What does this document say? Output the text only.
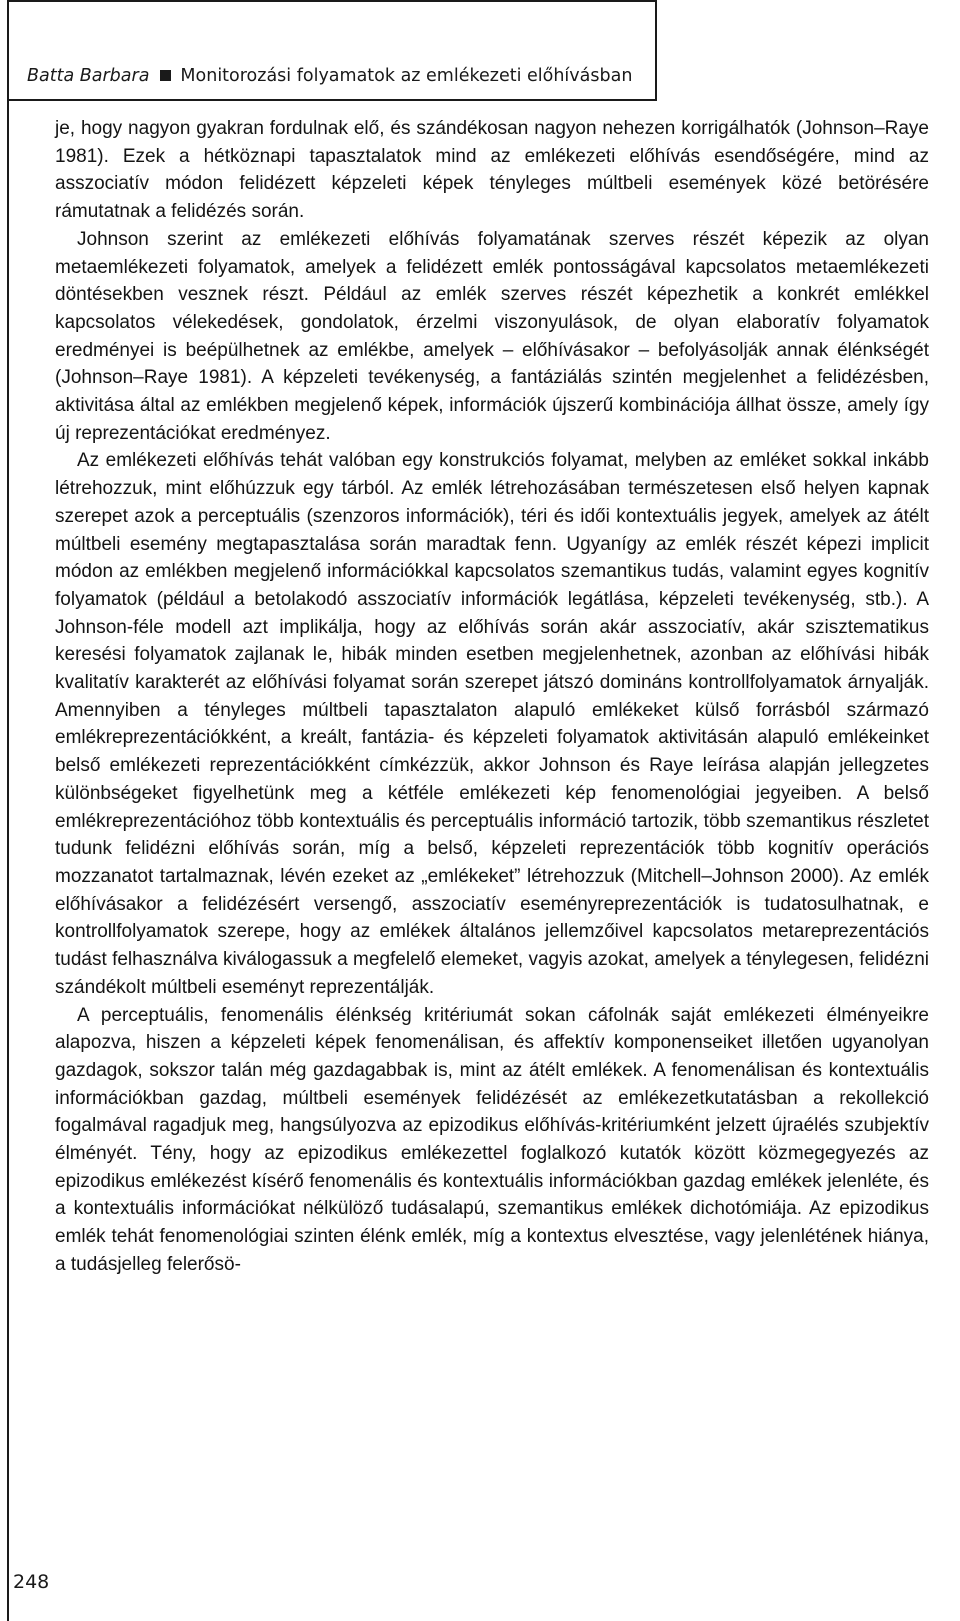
Batta Barbara Monitorozási folyamatok az emlékezeti előhívásban

je, hogy nagyon gyakran fordulnak elő, és szándékosan nagyon nehezen korrigálhatók (Johnson–Raye 1981). Ezek a hétköznapi tapasztalatok mind az emlékezeti előhívás esendőségére, mind az asszociatív módon felidézett képzeleti képek tényleges múltbeli események közé betörésére rámutatnak a felidézés során.

Johnson szerint az emlékezeti előhívás folyamatának szerves részét képezik az olyan metaemlékezeti folyamatok, amelyek a felidézett emlék pontosságával kapcsolatos metaemlékezeti döntésekben vesznek részt. Például az emlék szerves részét képezhetik a konkrét emlékkel kapcsolatos vélekedések, gondolatok, érzelmi viszonyulások, de olyan elaboratív folyamatok eredményei is beépülhetnek az emlékbe, amelyek – előhívásakor – befolyásolják annak élénkségét (Johnson–Raye 1981). A képzeleti tevékenység, a fantáziálás szintén megjelenhet a felidézésben, aktivitása által az emlékben megjelenő képek, információk újszerű kombinációja állhat össze, amely így új reprezentációkat eredményez.

Az emlékezeti előhívás tehát valóban egy konstrukciós folyamat, melyben az emléket sokkal inkább létrehozzuk, mint előhúzzuk egy tárból. Az emlék létrehozásában természetesen első helyen kapnak szerepet azok a perceptuális (szenzoros információk), téri és idői kontextuális jegyek, amelyek az átélt múltbeli esemény megtapasztalása során maradtak fenn. Ugyanígy az emlék részét képezi implicit módon az emlékben megjelenő információkkal kapcsolatos szemantikus tudás, valamint egyes kognitív folyamatok (például a betolakodó asszociatív információk legátlása, képzeleti tevékenység, stb.). A Johnson-féle modell azt implikálja, hogy az előhívás során akár asszociatív, akár szisztematikus keresési folyamatok zajlanak le, hibák minden esetben megjelenhetnek, azonban az előhívási hibák kvalitatív karakterét az előhívási folyamat során szerepet játszó domináns kontrollfolyamatok árnyalják. Amennyiben a tényleges múltbeli tapasztalaton alapuló emlékeket külső forrásból származó emlékreprezentációkként, a kreált, fantázia- és képzeleti folyamatok aktivitásán alapuló emlékeinket belső emlékezeti reprezentációkként címkézzük, akkor Johnson és Raye leírása alapján jellegzetes különbségeket figyelhetünk meg a kétféle emlékezeti kép fenomenológiai jegyeiben. A belső emlékreprezentációhoz több kontextuális és perceptuális információ tartozik, több szemantikus részletet tudunk felidézni előhívás során, míg a belső, képzeleti reprezentációk több kognitív operációs mozzanatot tartalmaznak, lévén ezeket az „emlékeket” létrehozzuk (Mitchell–Johnson 2000). Az emlék előhívásakor a felidézésért versengő, asszociatív eseményreprezentációk is tudatosulhatnak, e kontrollfolyamatok szerepe, hogy az emlékek általános jellemzőivel kapcsolatos metareprezentációs tudást felhasználva kiválogassuk a megfelelő elemeket, vagyis azokat, amelyek a ténylegesen, felidézni szándékolt múltbeli eseményt reprezentálják.

A perceptuális, fenomenális élénkség kritériumát sokan cáfolnák saját emlékezeti élményeikre alapozva, hiszen a képzeleti képek fenomenálisan, és affektív komponenseiket illetően ugyanolyan gazdagok, sokszor talán még gazdagabbak is, mint az átélt emlékek. A fenomenálisan és kontextuális információkban gazdag, múltbeli események felidézését az emlékezetkutatásban a rekollekció fogalmával ragadjuk meg, hangsúlyozva az epizodikus előhívás-kritériumként jelzett újraélés szubjektív élményét. Tény, hogy az epizodikus emlékezettel foglalkozó kutatók között közmegegyezés az epizodikus emlékezést kísérő fenomenális és kontextuális információkban gazdag emlékek jelenléte, és a kontextuális információkat nélkülöző tudásalapú, szemantikus emlékek dichotómiája. Az epizodikus emlék tehát fenomenológiai szinten élénk emlék, míg a kontextus elvesztése, vagy jelenlétének hiánya, a tudásjelleg felerősö-

248
